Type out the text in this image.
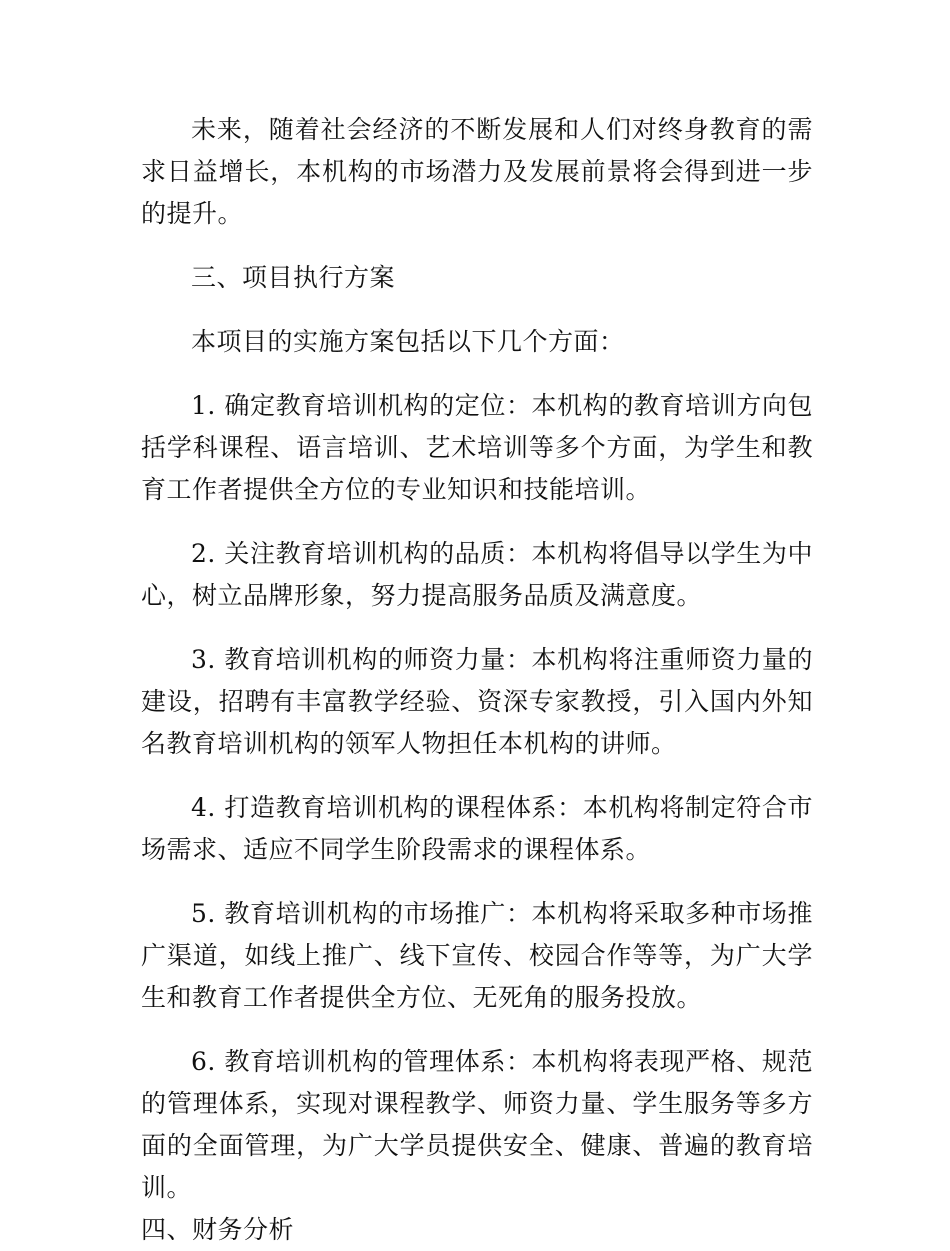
未来，随着社会经济的不断发展和人们对终身教育的需求日益增长，本机构的市场潜力及发展前景将会得到进一步的提升。

三、项目执行方案

本项目的实施方案包括以下几个方面：

1. 确定教育培训机构的定位：本机构的教育培训方向包括学科课程、语言培训、艺术培训等多个方面，为学生和教育工作者提供全方位的专业知识和技能培训。

2. 关注教育培训机构的品质：本机构将倡导以学生为中心，树立品牌形象，努力提高服务品质及满意度。

3. 教育培训机构的师资力量：本机构将注重师资力量的建设，招聘有丰富教学经验、资深专家教授，引入国内外知名教育培训机构的领军人物担任本机构的讲师。

4. 打造教育培训机构的课程体系：本机构将制定符合市场需求、适应不同学生阶段需求的课程体系。

5. 教育培训机构的市场推广：本机构将采取多种市场推广渠道，如线上推广、线下宣传、校园合作等等，为广大学生和教育工作者提供全方位、无死角的服务投放。

6. 教育培训机构的管理体系：本机构将表现严格、规范的管理体系，实现对课程教学、师资力量、学生服务等多方面的全面管理，为广大学员提供安全、健康、普遍的教育培训。

四、财务分析
